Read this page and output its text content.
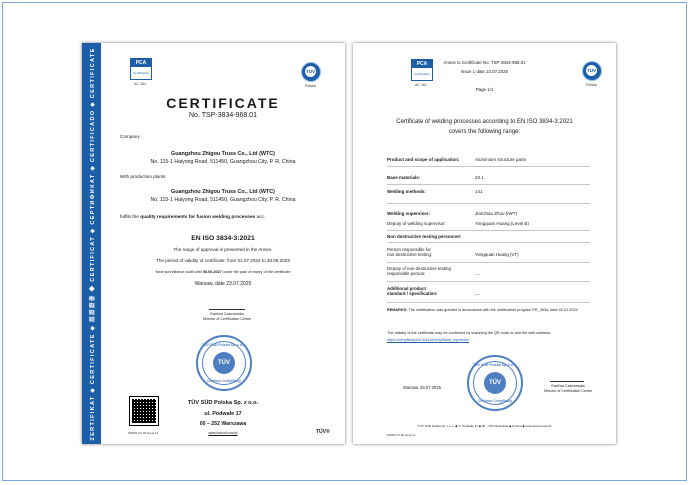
ZERTIFIKAT ◆ CERTIFICATE ◆ 認證證書 ◆ CERTIFICAT ◆ СЕРТИФИКАТ ◆ CERTIFICADO ◆ CERTIFICATE	PCA
Certification
AC 161
TÜV
Polska
CERTIFICATE
No. TSP-3834-968.01
Company
Guangzhou Zhigou Truss Co., Ltd (WTC)
No. 115-1 Haiyong Road, 511450, Guangzhou City, P. R. China
With production plants
Guangzhou Zhigou Truss Co., Ltd (WTC)
No. 115-1 Haiyong Road, 511450, Guangzhou City, P. R. China
fulfils the quality requirements for fusion welding processes acc.
EN ISO 3834-3:2021
The range of approval is presented in the Annex.
The period of validity of certificate: from 01.07.2024 to 30.06.2029
Next surveillance audit until 08.06.2027 under the pain of expiry of the certificate
Warsaw, date 23.07.2025
Ewelina Czarnowska
Director of Certification Centre
TÜV SÜD Polska Sp. z o.o.
TÜV
Centrum Certyfikacji
ZPR03 FZ-04 Issue 11
TÜV SÜD Polska Sp. z o.o.
ul. Podwale 17
00 – 252 Warszawa
www.tuvsud.com/pl	TÜV®
Annex to Certificate No. TSP-3834-968.01
Issue 1 date 23.07.2025
Page 1/1
PCA
Certification
AC 161
TÜV
Polska
Certificate of welding processes according to EN ISO 3834-3:2021
covers the following range:
Product and scope of application:	Aluminium structure parts
Base materials:	23.1
Welding methods:	141
Welding supervisor:	Jianzhao Zhou (IWT)
Deputy of welding supervisor:	Yongquan Huang (Level B)
Non destructive testing personnel:
Person responsible for
non destructive testing:	Yongquan Huang (VT)
Deputy of non destructive testing
responsible person:	---
Additional product
standard / specification:	---
REMARKS: The certification was granted in accordance with the certification program PR_3834, date 02.01.2024
The validity of the certificate may be confirmed by scanning the QR code or visit the web address:
https://certyfikaty.tuv-sud.pl/certyfikaty_wyrobow/
Warsaw, 23.07.2025
TÜV SÜD Polska Sp. z o.o.
TÜV
Centrum Certyfikacji
Ewelina Czarnowska
Director of Certification Centre
TÜV SÜD Polska Sp. z o.o. ◆ ul. Podwale 17 ◆ 00 – 252 Warszawa ◆ Poland ◆ www.tuvsud.com/pl
ZPR03 FZ-06 Issue 11
